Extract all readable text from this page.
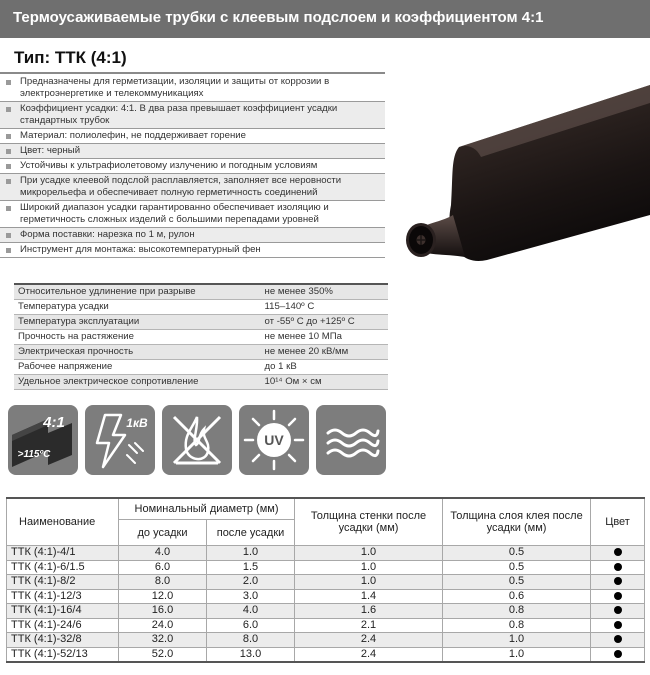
Термоусаживаемые трубки с клеевым подслоем и коэффициентом 4:1
Тип: ТТК (4:1)
Предназначены для герметизации, изоляции и защиты от коррозии в электроэнергетике и телекоммуникациях
Коэффициент усадки: 4:1. В два раза превышает коэффициент усадки стандартных трубок
Материал: полиолефин, не поддерживает горение
Цвет: черный
Устойчивы к ультрафиолетовому излучению и погодным условиям
При усадке клеевой подслой расплавляется, заполняет все неровности микрорельефа и обеспечивает полную герметичность соединений
Широкий диапазон усадки гарантированно обеспечивает изоляцию и герметичность сложных изделий с большими перепадами уровней
Форма поставки: нарезка по 1 м, рулон
Инструмент для монтажа: высокотемпературный фен
Относительное удлинение при разрыве	не менее 350%
Температура усадки	115–140º С
Температура эксплуатации	от -55º С до +125º С
Прочность на растяжение	не менее 10 МПа
Электрическая прочность	не менее 20 кВ/мм
Рабочее напряжение	до 1 кВ
Удельное электрическое сопротивление	10¹⁴ Ом × см
4:1
>115ºC
1кВ
UV
Наименование	Номинальный диаметр (мм)		Толщина стенки после усадки (мм)	Толщина слоя клея после усадки (мм)	Цвет
	до усадки	после усадки			
ТТК (4:1)-4/1	4.0	1.0	1.0	0.5	
ТТК (4:1)-6/1.5	6.0	1.5	1.0	0.5	
ТТК (4:1)-8/2	8.0	2.0	1.0	0.5	
ТТК (4:1)-12/3	12.0	3.0	1.4	0.6	
ТТК (4:1)-16/4	16.0	4.0	1.6	0.8	
ТТК (4:1)-24/6	24.0	6.0	2.1	0.8	
ТТК (4:1)-32/8	32.0	8.0	2.4	1.0	
ТТК (4:1)-52/13	52.0	13.0	2.4	1.0	
